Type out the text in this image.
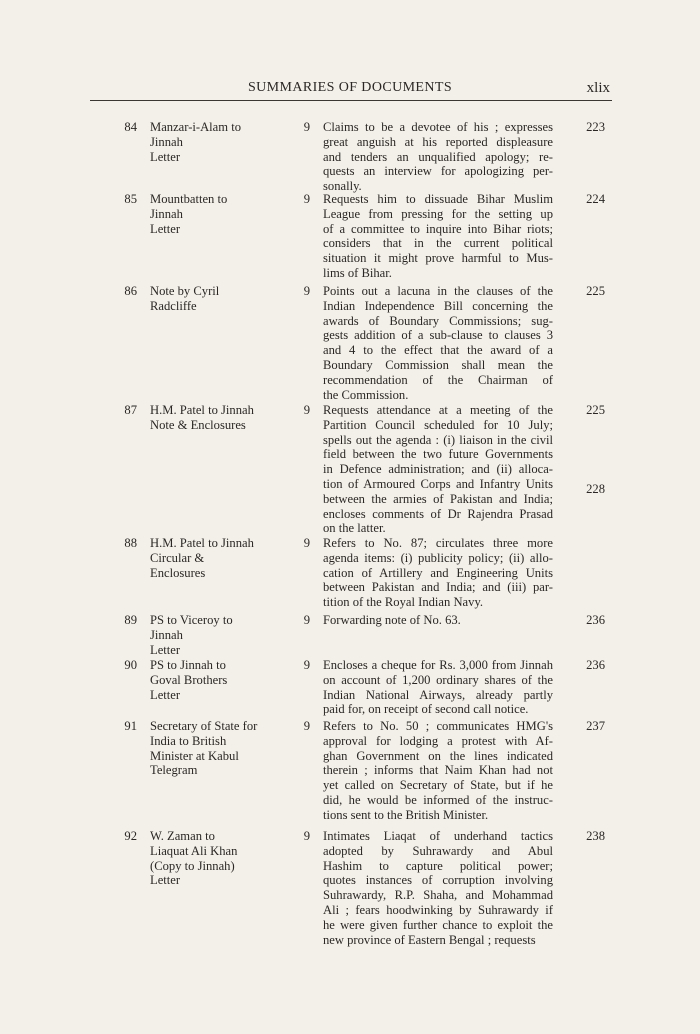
SUMMARIES OF DOCUMENTS	xlix
84 Manzar-i-Alam to
Jinnah
Letter
9 Claims to be a devotee of his ; expresses
great anguish at his reported displeasure
and tenders an unqualified apology; re-
quests an interview for apologizing per-
sonally.
223
85 Mountbatten to
Jinnah
Letter
9 Requests him to dissuade Bihar Muslim
League from pressing for the setting up
of a committee to inquire into Bihar riots;
considers that in the current political
situation it might prove harmful to Mus-
lims of Bihar.
224
86 Note by Cyril
Radcliffe
9 Points out a lacuna in the clauses of the
Indian Independence Bill concerning the
awards of Boundary Commissions; sug-
gests addition of a sub-clause to clauses 3
and 4 to the effect that the award of a
Boundary Commission shall mean the
recommendation of the Chairman of
the Commission.
225
87 H.M. Patel to Jinnah
Note & Enclosures
9 Requests attendance at a meeting of the
Partition Council scheduled for 10 July;
spells out the agenda : (i) liaison in the civil
field between the two future Governments
in Defence administration; and (ii) alloca-
tion of Armoured Corps and Infantry Units
between the armies of Pakistan and India;
encloses comments of Dr Rajendra Prasad
on the latter.
225
228
88 H.M. Patel to Jinnah
Circular &
Enclosures
9 Refers to No. 87; circulates three more
agenda items: (i) publicity policy; (ii) allo-
cation of Artillery and Engineering Units
between Pakistan and India; and (iii) par-
tition of the Royal Indian Navy.
89 PS to Viceroy to
Jinnah
Letter
9 Forwarding note of No. 63.	236
90 PS to Jinnah to
Goval Brothers
Letter
9 Encloses a cheque for Rs. 3,000 from Jinnah
on account of 1,200 ordinary shares of the
Indian National Airways, already partly
paid for, on receipt of second call notice.
236
91 Secretary of State for
India to British
Minister at Kabul
Telegram
9 Refers to No. 50 ; communicates HMG's
approval for lodging a protest with Af-
ghan Government on the lines indicated
therein ; informs that Naim Khan had not
yet called on Secretary of State, but if he
did, he would be informed of the instruc-
tions sent to the British Minister.
237
92 W. Zaman to
Liaquat Ali Khan
(Copy to Jinnah)
Letter
9 Intimates Liaqat of underhand tactics
adopted by Suhrawardy and Abul
Hashim to capture political power;
quotes instances of corruption involving
Suhrawardy, R.P. Shaha, and Mohammad
Ali ; fears hoodwinking by Suhrawardy if
he were given further chance to exploit the
new province of Eastern Bengal ; requests
238
